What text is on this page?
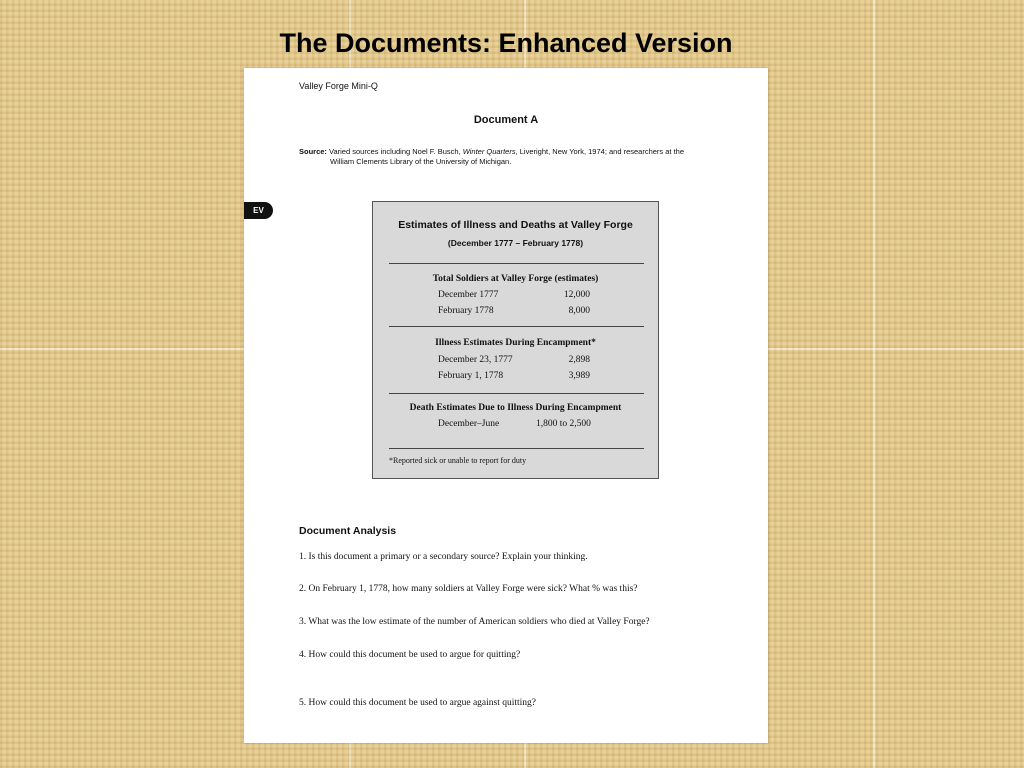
The Documents: Enhanced Version
Valley Forge Mini-Q
Document A
Source: Varied sources including Noel F. Busch, Winter Quarters, Liveright, New York, 1974; and researchers at the
William Clements Library of the University of Michigan.
EV
Estimates of Illness and Deaths at Valley Forge
(December 1777 – February 1778)
Total Soldiers at Valley Forge (estimates)
December 1777	12,000
February 1778	8,000
Illness Estimates During Encampment*
December 23, 1777	2,898
February 1, 1778	3,989
Death Estimates Due to Illness During Encampment
December–June	1,800 to 2,500
*Reported sick or unable to report for duty
Document Analysis
1. Is this document a primary or a secondary source? Explain your thinking.
2. On February 1, 1778, how many soldiers at Valley Forge were sick? What % was this?
3. What was the low estimate of the number of American soldiers who died at Valley Forge?
4. How could this document be used to argue for quitting?
5. How could this document be used to argue against quitting?
